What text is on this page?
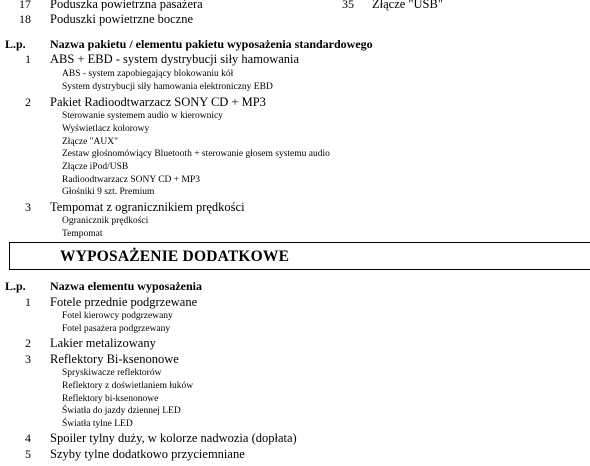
17 Poduszka powietrzna pasażera
18 Poduszki powietrzne boczne
35 Złącze "USB"
L.p. Nazwa pakietu / elementu pakietu wyposażenia standardowego
1 ABS + EBD - system dystrybucji siły hamowania
ABS - system zapobiegający blokowaniu kół
System dystrybucji siły hamowania elektroniczny EBD
2 Pakiet Radioodtwarzacz SONY CD + MP3
Sterowanie systemem audio w kierownicy
Wyświetlacz kolorowy
Złącze "AUX"
Zestaw głośnomówiący Bluetooth + sterowanie głosem systemu audio
Złącze iPod/USB
Radioodtwarzacz SONY CD + MP3
Głośniki 9 szt. Premium
3 Tempomat z ogranicznikiem prędkości
Ogranicznik prędkości
Tempomat
WYPOSAŻENIE DODATKOWE
L.p. Nazwa elementu wyposażenia
1 Fotele przednie podgrzewane
Fotel kierowcy podgrzewany
Fotel pasażera podgrzewany
2 Lakier metalizowany
3 Reflektory Bi-ksenonowe
Spryskiwacze reflektorów
Reflektory z doświetlaniem łuków
Reflektory bi-ksenonowe
Światła do jazdy dziennej LED
Światła tylne LED
4 Spoiler tylny duży, w kolorze nadwozia (dopłata)
5 Szyby tylne dodatkowo przyciemniane
